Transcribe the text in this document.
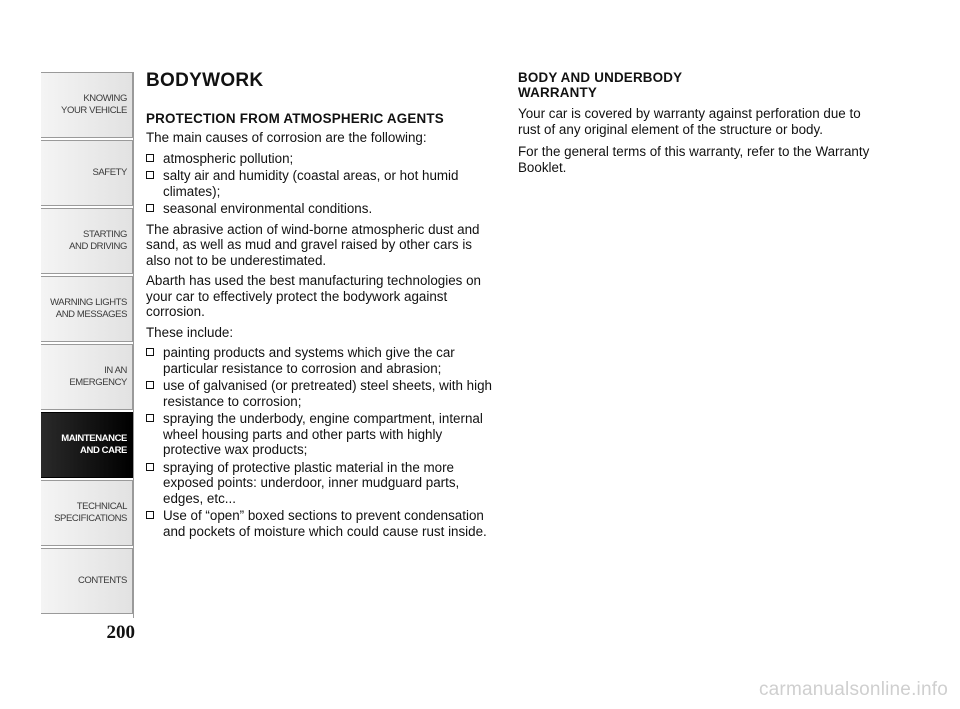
KNOWING
YOUR VEHICLE
SAFETY
STARTING
AND DRIVING
WARNING LIGHTS
AND MESSAGES
IN AN
EMERGENCY
MAINTENANCE
AND CARE
TECHNICAL
SPECIFICATIONS
CONTENTS
200
BODYWORK
PROTECTION FROM ATMOSPHERIC AGENTS

The main causes of corrosion are the following:

atmospheric pollution;
salty air and humidity (coastal areas, or hot humid climates);
seasonal environmental conditions.

The abrasive action of wind-borne atmospheric dust and sand, as well as mud and gravel raised by other cars is also not to be underestimated.

Abarth has used the best manufacturing technologies on your car to effectively protect the bodywork against corrosion.

These include:

painting products and systems which give the car particular resistance to corrosion and abrasion;
use of galvanised (or pretreated) steel sheets, with high resistance to corrosion;
spraying the underbody, engine compartment, internal wheel housing parts and other parts with highly protective wax products;
spraying of protective plastic material in the more exposed points: underdoor, inner mudguard parts, edges, etc...
Use of “open” boxed sections to prevent condensation and pockets of moisture which could cause rust inside.
BODY AND UNDERBODY WARRANTY

Your car is covered by warranty against perforation due to rust of any original element of the structure or body.

For the general terms of this warranty, refer to the Warranty Booklet.

carmanualsonline.info
